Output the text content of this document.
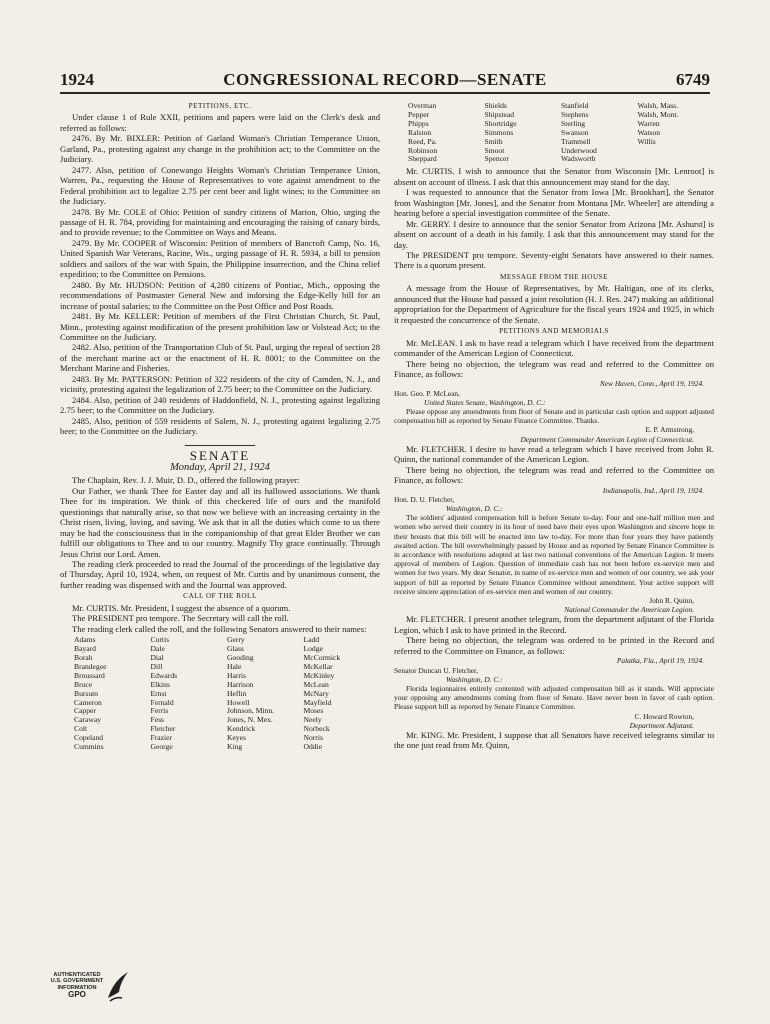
1924	CONGRESSIONAL RECORD—SENATE	6749

PETITIONS, ETC.

Under clause 1 of Rule XXII, petitions and papers were laid on the Clerk's desk and referred as follows:

2476. By Mr. BIXLER: Petition of Garland Woman's Christian Temperance Union, Garland, Pa., protesting against any change in the prohibition act; to the Committee on the Judiciary.

2477. Also, petition of Conewango Heights Woman's Christian Temperance Union, Warren, Pa., requesting the House of Representatives to vote against amendment to the Federal prohibition act to legalize 2.75 per cent beer and light wines; to the Committee on the Judiciary.

2478. By Mr. COLE of Ohio: Petition of sundry citizens of Marion, Ohio, urging the passage of H. R. 784, providing for maintaining and encouraging the raising of canary birds, and to provide revenue; to the Committee on Ways and Means.

2479. By Mr. COOPER of Wisconsin: Petition of members of Bancroft Camp, No. 16, United Spanish War Veterans, Racine, Wis., urging passage of H. R. 5934, a bill to pension soldiers and sailors of the war with Spain, the Philippine insurrection, and the China relief expedition; to the Committee on Pensions.

2480. By Mr. HUDSON: Petition of 4,280 citizens of Pontiac, Mich., opposing the recommendations of Postmaster General New and indorsing the Edge-Kelly bill for an increase of postal salaries; to the Committee on the Post Office and Post Roads.

2481. By Mr. KELLER: Petition of members of the First Christian Church, St. Paul, Minn., protesting against modification of the present prohibition law or Volstead Act; to the Committee on the Judiciary.

2482. Also, petition of the Transportation Club of St. Paul, urging the repeal of section 28 of the merchant marine act or the enactment of H. R. 8001; to the Committee on the Merchant Marine and Fisheries.

2483. By Mr. PATTERSON: Petition of 322 residents of the city of Camden, N. J., and vicinity, protesting against the legalization of 2.75 beer; to the Committee on the Judiciary.

2484. Also, petition of 240 residents of Haddonfield, N. J., protesting against legalizing 2.75 beer; to the Committee on the Judiciary.

2485. Also, petition of 559 residents of Salem, N. J., protesting against legalizing 2.75 beer; to the Committee on the Judiciary.

SENATE

Monday, April 21, 1924

The Chaplain, Rev. J. J. Muir, D. D., offered the following prayer:

Our Father, we thank Thee for Easter day and all its hallowed associations. We thank Thee for its inspiration. We think of this checkered life of ours and the manifold questionings that naturally arise, so that now we believe with an increasing certainty in the Christ risen, living, loving, and saving. We ask that in all the duties which come to us there may be had the consciousness that in the companionship of that great Elder Brother we can fulfill our obligations to Thee and to our country. Magnify Thy grace continually. Through Jesus Christ our Lord. Amen.

The reading clerk proceeded to read the Journal of the proceedings of the legislative day of Thursday, April 10, 1924, when, on request of Mr. Curtis and by unanimous consent, the further reading was dispensed with and the Journal was approved.

CALL OF THE ROLL

Mr. CURTIS. Mr. President, I suggest the absence of a quorum.

The PRESIDENT pro tempore. The Secretary will call the roll.

The reading clerk called the roll, and the following Senators answered to their names:

Adams	Curtis	Gerry	Ladd
Bayard	Dale	Glass	Lodge
Borah	Dial	Gooding	McCormick
Brandegee	Dill	Hale	McKellar
Broussard	Edwards	Harris	McKinley
Bruce	Elkins	Harrison	McLean
Bursum	Ernst	Heflin	McNary
Cameron	Fernald	Howell	Mayfield
Capper	Ferris	Johnson, Minn.	Moses
Caraway	Fess	Jones, N. Mex.	Neely
Colt	Fletcher	Kendrick	Norbeck
Copeland	Frazier	Keyes	Norris
Cummins	George	King	Oddie
Overman	Shields	Stanfield	Walsh, Mass.
Pepper	Shipstead	Stephens	Walsh, Mont.
Phipps	Shortridge	Sterling	Warren
Ralston	Simmons	Swanson	Watson
Reed, Pa.	Smith	Trammell	Willis
Robinson	Smoot	Underwood
Sheppard	Spencer	Wadsworth

Mr. CURTIS. I wish to announce that the Senator from Wisconsin [Mr. Lenroot] is absent on account of illness. I ask that this announcement may stand for the day.

I was requested to announce that the Senator from Iowa [Mr. Brookhart], the Senator from Washington [Mr. Jones], and the Senator from Montana [Mr. Wheeler] are attending a hearing before a special investigation committee of the Senate.

Mr. GERRY. I desire to announce that the senior Senator from Arizona [Mr. Ashurst] is absent on account of a death in his family. I ask that this announcement may stand for the day.

The PRESIDENT pro tempore. Seventy-eight Senators have answered to their names. There is a quorum present.

MESSAGE FROM THE HOUSE

A message from the House of Representatives, by Mr. Haltigan, one of its clerks, announced that the House had passed a joint resolution (H. J. Res. 247) making an additional appropriation for the Department of Agriculture for the fiscal years 1924 and 1925, in which it requested the concurrence of the Senate.

PETITIONS AND MEMORIALS

Mr. McLEAN. I ask to have read a telegram which I have received from the department commander of the American Legion of Connecticut.

There being no objection, the telegram was read and referred to the Committee on Finance, as follows:

New Haven, Conn., April 19, 1924.

Hon. Geo. P. McLean,

United States Senate, Washington, D. C.:

Please oppose any amendments from floor of Senate and in particular cash option and support adjusted compensation bill as reported by Senate Finance Committee. Thanks.

E. P. Armstrong,

Department Commander American Legion of Connecticut.

Mr. FLETCHER. I desire to have read a telegram which I have received from John R. Quinn, the national commander of the American Legion.

There being no objection, the telegram was read and referred to the Committee on Finance, as follows:

Indianapolis, Ind., April 19, 1924.

Hon. D. U. Fletcher,

Washington, D. C.:

The soldiers' adjusted compensation bill is before Senate to-day. Four and one-half million men and women who served their country in its hour of need have their eyes upon Washington and sincere hope in their breasts that this bill will be enacted into law to-day. For more than four years they have patiently awaited action. The bill overwhelmingly passed by House and as reported by Senate Finance Committee is in accordance with resolutions adopted at last two national conventions of the American Legion. It meets approval of members of Legion. Question of immediate cash has not been before ex-service men and women for two years. My dear Senator, in name of ex-service men and women of our country, we ask your support of bill as reported by Senate Finance Committee without amendment. Your active support will receive sincere appreciation of ex-service men and women of our country.

John R. Quinn,

National Commander the American Legion.

Mr. FLETCHER. I present another telegram, from the department adjutant of the Florida Legion, which I ask to have printed in the Record.

There being no objection, the telegram was ordered to be printed in the Record and referred to the Committee on Finance, as follows:

Palatka, Fla., April 19, 1924.

Senator Duncan U. Fletcher,

Washington, D. C.:

Florida legionnaires entirely contented with adjusted compensation bill as it stands. Will appreciate your opposing any amendments coming from floor of Senate. Have never been in favor of cash option. Please support bill as reported by Senate Finance Committee.

C. Howard Rowton,

Department Adjutant.

Mr. KING. Mr. President, I suppose that all Senators have received telegrams similar to the one just read from Mr. Quinn,

AUTHENTICATED
U.S. GOVERNMENT
INFORMATION
GPO
